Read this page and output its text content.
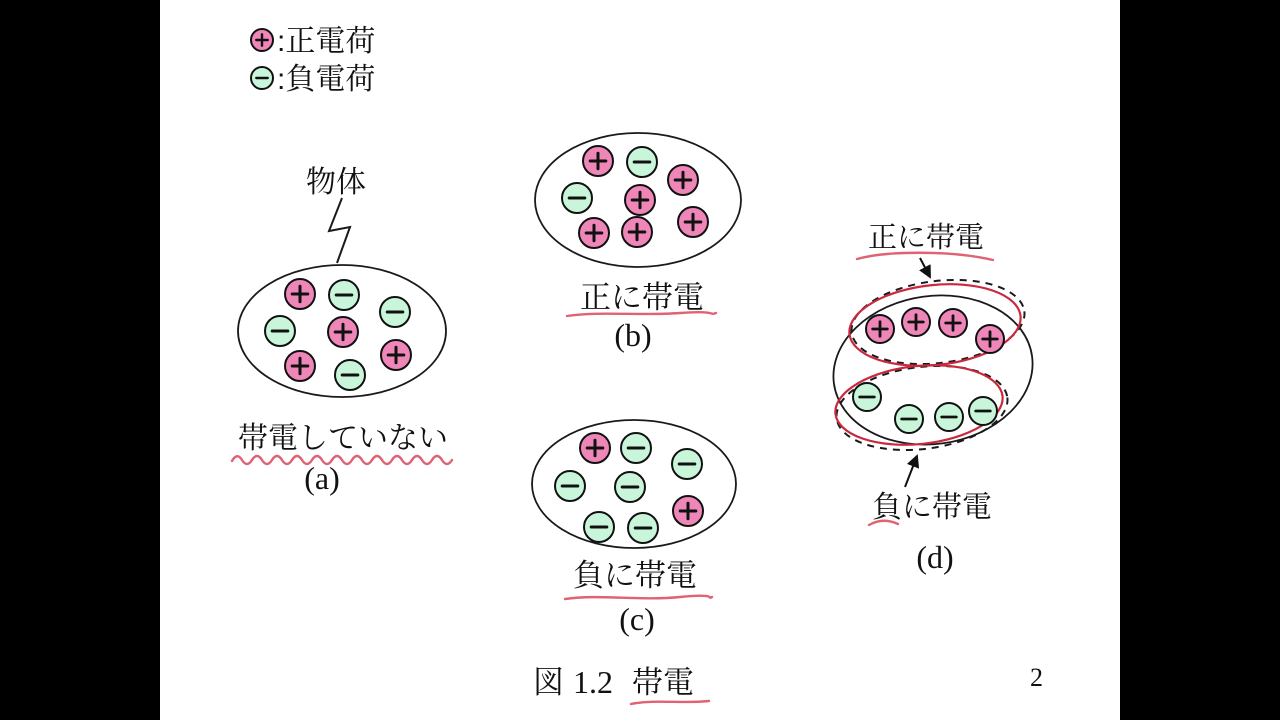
:正電荷
:負電荷
物体
帯電していない
(a)
正に帯電
(b)
負に帯電
(c)
正に帯電
負に帯電
(d)
図 1.2 帯電	2
